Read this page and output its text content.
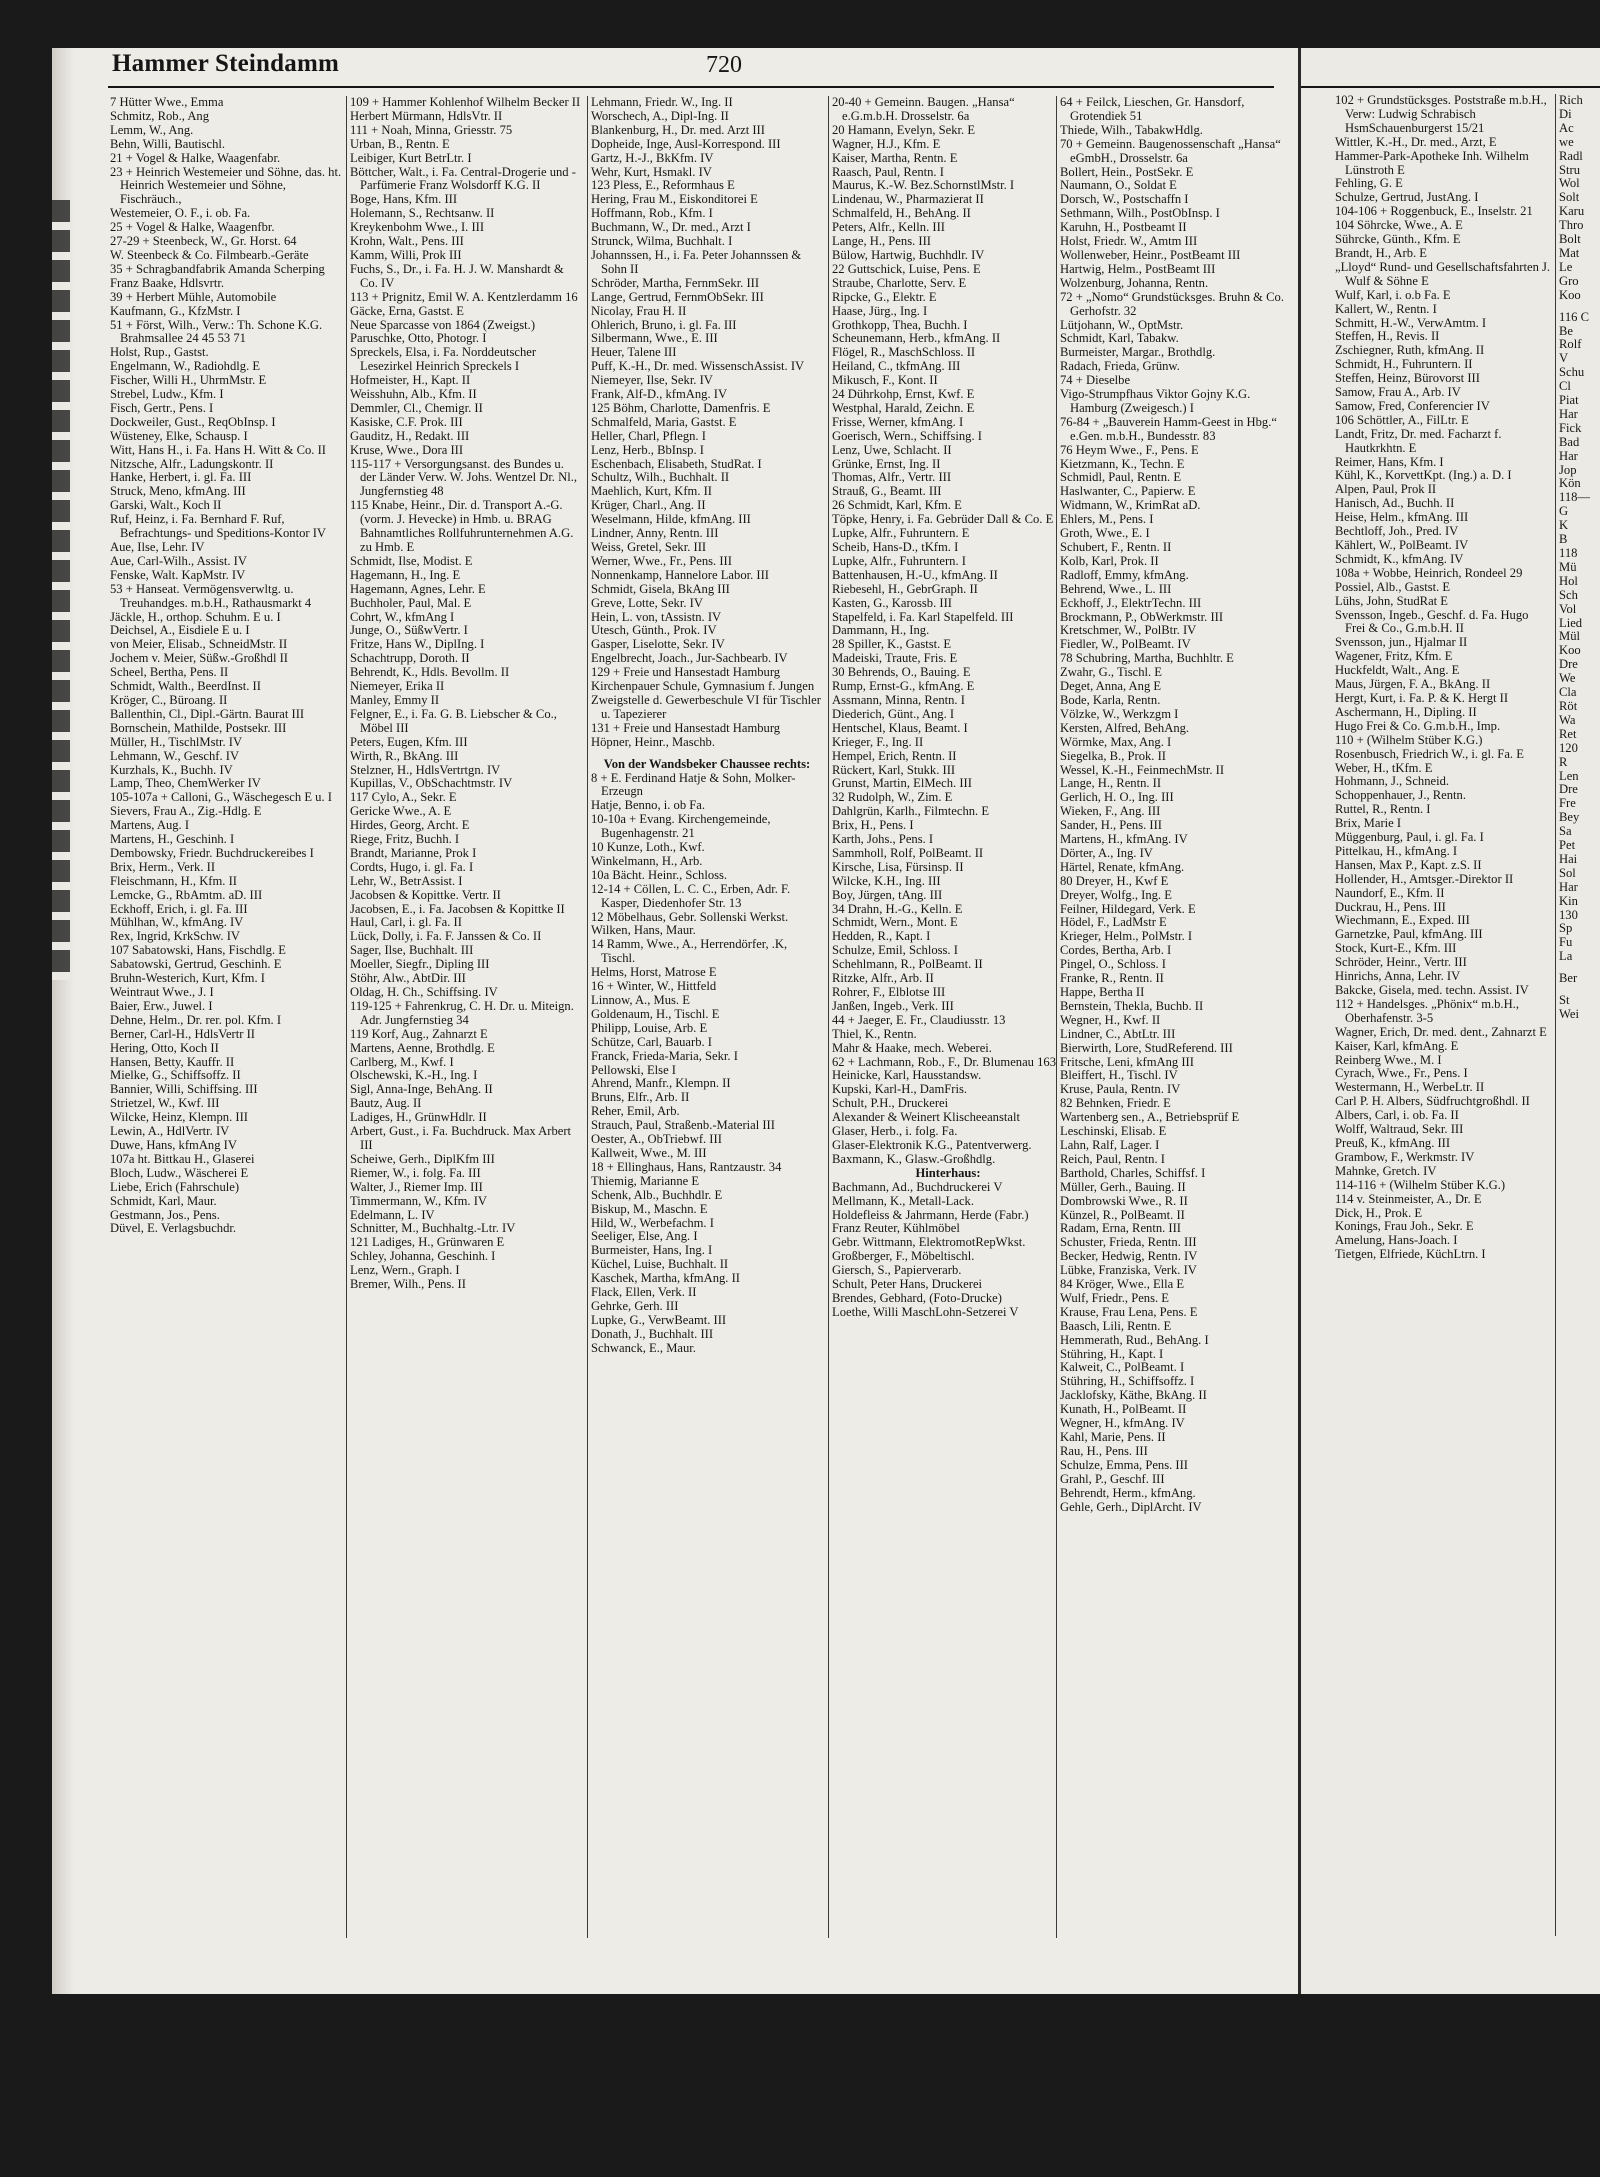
Hammer Steindamm	720

7 Hütter Wwe., Emma

Schmitz, Rob., Ang

Lemm, W., Ang.

Behn, Willi, Bautischl.

21 + Vogel & Halke, Waagenfabr.

23 + Heinrich Westemeier und Söhne, das. ht. Heinrich Westemeier und Söhne, Fischräuch.,

Westemeier, O. F., i. ob. Fa.

25 + Vogel & Halke, Waagenfbr.

27-29 + Steenbeck, W., Gr. Horst. 64

W. Steenbeck & Co. Filmbearb.-Geräte

35 + Schragbandfabrik Amanda Scherping

Franz Baake, Hdlsvrtr.

39 + Herbert Mühle, Automobile

Kaufmann, G., KfzMstr. I

51 + Först, Wilh., Verw.: Th. Schone K.G. Brahmsallee 24 45 53 71

Holst, Rup., Gastst.

Engelmann, W., Radiohdlg. E

Fischer, Willi H., UhrmMstr. E

Strebel, Ludw., Kfm. I

Fisch, Gertr., Pens. I

Dockweiler, Gust., ReqObInsp. I

Wüsteney, Elke, Schausp. I

Witt, Hans H., i. Fa. Hans H. Witt & Co. II

Nitzsche, Alfr., Ladungskontr. II

Hanke, Herbert, i. gl. Fa. III

Struck, Meno, kfmAng. III

Garski, Walt., Koch II

Ruf, Heinz, i. Fa. Bernhard F. Ruf, Befrachtungs- und Speditions-Kontor IV

Aue, Ilse, Lehr. IV

Aue, Carl-Wilh., Assist. IV

Fenske, Walt. KapMstr. IV

53 + Hanseat. Vermögensverwltg. u. Treuhandges. m.b.H., Rathausmarkt 4

Jäckle, H., orthop. Schuhm. E u. I

Deichsel, A., Eisdiele E u. I

von Meier, Elisab., SchneidMstr. II

Jochem v. Meier, Süßw.-Großhdl II

Scheel, Bertha, Pens. II

Schmidt, Walth., BeerdInst. II

Kröger, C., Büroang. II

Ballenthin, Cl., Dipl.-Gärtn. Baurat III

Bornschein, Mathilde, Postsekr. III

Müller, H., TischlMstr. IV

Lehmann, W., Geschf. IV

Kurzhals, K., Buchh. IV

Lamp, Theo, ChemWerker IV

105-107a + Calloni, G., Wäschegesch E u. I

Sievers, Frau A., Zig.-Hdlg. E

Martens, Aug. I

Martens, H., Geschinh. I

Dembowsky, Friedr. Buchdruckereibes I

Brix, Herm., Verk. II

Fleischmann, H., Kfm. II

Lemcke, G., RbAmtm. aD. III

Eckhoff, Erich, i. gl. Fa. III

Mühlhan, W., kfmAng. IV

Rex, Ingrid, KrkSchw. IV

107 Sabatowski, Hans, Fischdlg. E

Sabatowski, Gertrud, Geschinh. E

Bruhn-Westerich, Kurt, Kfm. I

Weintraut Wwe., J. I

Baier, Erw., Juwel. I

Dehne, Helm., Dr. rer. pol. Kfm. I

Berner, Carl-H., HdlsVertr II

Hering, Otto, Koch II

Hansen, Betty, Kauffr. II

Mielke, G., Schiffsoffz. II

Bannier, Willi, Schiffsing. III

Strietzel, W., Kwf. III

Wilcke, Heinz, Klempn. III

Lewin, A., HdlVertr. IV

Duwe, Hans, kfmAng IV

107a ht. Bittkau H., Glaserei

Bloch, Ludw., Wäscherei E

Liebe, Erich (Fahrschule)

Schmidt, Karl, Maur.

Gestmann, Jos., Pens.

Düvel, E. Verlagsbuchdr.

109 + Hammer Kohlenhof Wilhelm Becker II

Herbert Mürmann, HdlsVtr. II

111 + Noah, Minna, Griesstr. 75

Urban, B., Rentn. E

Leibiger, Kurt BetrLtr. I

Böttcher, Walt., i. Fa. Central-Drogerie und -Parfümerie Franz Wolsdorff K.G. II

Boge, Hans, Kfm. III

Holemann, S., Rechtsanw. II

Kreykenbohm Wwe., I. III

Krohn, Walt., Pens. III

Kamm, Willi, Prok III

Fuchs, S., Dr., i. Fa. H. J. W. Manshardt & Co. IV

113 + Prignitz, Emil W. A. Kentzlerdamm 16

Gäcke, Erna, Gastst. E

Neue Sparcasse von 1864 (Zweigst.)

Paruschke, Otto, Photogr. I

Spreckels, Elsa, i. Fa. Norddeutscher Lesezirkel Heinrich Spreckels I

Hofmeister, H., Kapt. II

Weisshuhn, Alb., Kfm. II

Demmler, Cl., Chemigr. II

Kasiske, C.F. Prok. III

Gauditz, H., Redakt. III

Kruse, Wwe., Dora III

115-117 + Versorgungsanst. des Bundes u. der Länder Verw. W. Johs. Wentzel Dr. Nl., Jungfernstieg 48

115 Knabe, Heinr., Dir. d. Transport A.-G. (vorm. J. Hevecke) in Hmb. u. BRAG Bahnamtliches Rollfuhrunternehmen A.G. zu Hmb. E

Schmidt, Ilse, Modist. E

Hagemann, H., Ing. E

Hagemann, Agnes, Lehr. E

Buchholer, Paul, Mal. E

Cohrt, W., kfmAng I

Junge, O., SüßwVertr. I

Fritze, Hans W., DiplIng. I

Schachtrupp, Doroth. II

Behrendt, K., Hdls. Bevollm. II

Niemeyer, Erika II

Manley, Emmy II

Felgner, E., i. Fa. G. B. Liebscher & Co., Möbel III

Peters, Eugen, Kfm. III

Wirth, R., BkAng. III

Stelzner, H., HdlsVertrtgn. IV

Kupillas, V., ObSchachtmstr. IV

117 Cylo, A., Sekr. E

Gericke Wwe., A. E

Hirdes, Georg, Archt. E

Riege, Fritz, Buchh. I

Brandt, Marianne, Prok I

Cordts, Hugo, i. gl. Fa. I

Lehr, W., BetrAssist. I

Jacobsen & Kopittke. Vertr. II

Jacobsen, E., i. Fa. Jacobsen & Kopittke II

Haul, Carl, i. gl. Fa. II

Lück, Dolly, i. Fa. F. Janssen & Co. II

Sager, Ilse, Buchhalt. III

Moeller, Siegfr., Dipling III

Stöhr, Alw., AbtDir. III

Oldag, H. Ch., Schiffsing. IV

119-125 + Fahrenkrug, C. H. Dr. u. Miteign. Adr. Jungfernstieg 34

119 Korf, Aug., Zahnarzt E

Martens, Aenne, Brothdlg. E

Carlberg, M., Kwf. I

Olschewski, K.-H., Ing. I

Sigl, Anna-Inge, BehAng. II

Bautz, Aug. II

Ladiges, H., GrünwHdlr. II

Arbert, Gust., i. Fa. Buchdruck. Max Arbert III

Scheiwe, Gerh., DiplKfm III

Riemer, W., i. folg. Fa. III

Walter, J., Riemer Imp. III

Timmermann, W., Kfm. IV

Edelmann, L. IV

Schnitter, M., Buchhaltg.-Ltr. IV

121 Ladiges, H., Grünwaren E

Schley, Johanna, Geschinh. I

Lenz, Wern., Graph. I

Bremer, Wilh., Pens. II

Lehmann, Friedr. W., Ing. II

Worschech, A., Dipl-Ing. II

Blankenburg, H., Dr. med. Arzt III

Dopheide, Inge, Ausl-Korrespond. III

Gartz, H.-J., BkKfm. IV

Wehr, Kurt, Hsmakl. IV

123 Pless, E., Reformhaus E

Hering, Frau M., Eiskonditorei E

Hoffmann, Rob., Kfm. I

Buchmann, W., Dr. med., Arzt I

Strunck, Wilma, Buchhalt. I

Johannssen, H., i. Fa. Peter Johannssen & Sohn II

Schröder, Martha, FernmSekr. III

Lange, Gertrud, FernmObSekr. III

Nicolay, Frau H. II

Ohlerich, Bruno, i. gl. Fa. III

Silbermann, Wwe., E. III

Heuer, Talene III

Puff, K.-H., Dr. med. WissenschAssist. IV

Niemeyer, Ilse, Sekr. IV

Frank, Alf-D., kfmAng. IV

125 Böhm, Charlotte, Damenfris. E

Schmalfeld, Maria, Gastst. E

Heller, Charl, Pflegn. I

Lenz, Herb., BbInsp. I

Eschenbach, Elisabeth, StudRat. I

Schultz, Wilh., Buchhalt. II

Maehlich, Kurt, Kfm. II

Krüger, Charl., Ang. II

Weselmann, Hilde, kfmAng. III

Lindner, Anny, Rentn. III

Weiss, Gretel, Sekr. III

Werner, Wwe., Fr., Pens. III

Nonnenkamp, Hannelore Labor. III

Schmidt, Gisela, BkAng III

Greve, Lotte, Sekr. IV

Hein, L. von, tAssistn. IV

Utesch, Günth., Prok. IV

Gasper, Liselotte, Sekr. IV

Engelbrecht, Joach., Jur-Sachbearb. IV

129 + Freie und Hansestadt Hamburg

Kirchenpauer Schule, Gymnasium f. Jungen

Zweigstelle d. Gewerbeschule VI für Tischler u. Tapezierer

131 + Freie und Hansestadt Hamburg

Höpner, Heinr., Maschb.

Von der Wandsbeker Chaussee rechts:

8 + E. Ferdinand Hatje & Sohn, Molker-Erzeugn

Hatje, Benno, i. ob Fa.

10-10a + Evang. Kirchengemeinde, Bugenhagenstr. 21

10 Kunze, Loth., Kwf.

Winkelmann, H., Arb.

10a Bächt. Heinr., Schloss.

12-14 + Cöllen, L. C. C., Erben, Adr. F. Kasper, Diedenhofer Str. 13

12 Möbelhaus, Gebr. Sollenski Werkst.

Wilken, Hans, Maur.

14 Ramm, Wwe., A., Herrendörfer, .K, Tischl.

Helms, Horst, Matrose E

16 + Winter, W., Hittfeld

Linnow, A., Mus. E

Goldenaum, H., Tischl. E

Philipp, Louise, Arb. E

Schütze, Carl, Bauarb. I

Franck, Frieda-Maria, Sekr. I

Pellowski, Else I

Ahrend, Manfr., Klempn. II

Bruns, Elfr., Arb. II

Reher, Emil, Arb.

Strauch, Paul, Straßenb.-Material III

Oester, A., ObTriebwf. III

Kallweit, Wwe., M. III

18 + Ellinghaus, Hans, Rantzaustr. 34

Thiemig, Marianne E

Schenk, Alb., Buchhdlr. E

Biskup, M., Maschn. E

Hild, W., Werbefachm. I

Seeliger, Else, Ang. I

Burmeister, Hans, Ing. I

Küchel, Luise, Buchhalt. II

Kaschek, Martha, kfmAng. II

Flack, Ellen, Verk. II

Gehrke, Gerh. III

Lupke, G., VerwBeamt. III

Donath, J., Buchhalt. III

Schwanck, E., Maur.

20-40 + Gemeinn. Baugen. „Hansa“ e.G.m.b.H. Drosselstr. 6a

20 Hamann, Evelyn, Sekr. E

Wagner, H.J., Kfm. E

Kaiser, Martha, Rentn. E

Raasch, Paul, Rentn. I

Maurus, K.-W. Bez.SchornstlMstr. I

Lindenau, W., Pharmazierat II

Schmalfeld, H., BehAng. II

Peters, Alfr., Kelln. III

Lange, H., Pens. III

Bülow, Hartwig, Buchhdlr. IV

22 Guttschick, Luise, Pens. E

Straube, Charlotte, Serv. E

Ripcke, G., Elektr. E

Haase, Jürg., Ing. I

Grothkopp, Thea, Buchh. I

Scheunemann, Herb., kfmAng. II

Flögel, R., MaschSchloss. II

Heiland, C., tkfmAng. III

Mikusch, F., Kont. II

24 Dührkohp, Ernst, Kwf. E

Westphal, Harald, Zeichn. E

Frisse, Werner, kfmAng. I

Goerisch, Wern., Schiffsing. I

Lenz, Uwe, Schlacht. II

Grünke, Ernst, Ing. II

Thomas, Alfr., Vertr. III

Strauß, G., Beamt. III

26 Schmidt, Karl, Kfm. E

Töpke, Henry, i. Fa. Gebrüder Dall & Co. E

Lupke, Alfr., Fuhruntern. E

Scheib, Hans-D., tKfm. I

Lupke, Alfr., Fuhruntern. I

Battenhausen, H.-U., kfmAng. II

Riebesehl, H., GebrGraph. II

Kasten, G., Karossb. III

Stapelfeld, i. Fa. Karl Stapelfeld. III

Dammann, H., Ing.

28 Spiller, K., Gastst. E

Madeiski, Traute, Fris. E

30 Behrends, O., Bauing. E

Rump, Ernst-G., kfmAng. E

Assmann, Minna, Rentn. I

Diederich, Günt., Ang. I

Hentschel, Klaus, Beamt. I

Krieger, F., Ing. II

Hempel, Erich, Rentn. II

Rückert, Karl, Stukk. III

Grunst, Martin, ElMech. III

32 Rudolph, W., Zim. E

Dahlgrün, Karlh., Filmtechn. E

Brix, H., Pens. I

Karth, Johs., Pens. I

Sammholl, Rolf, PolBeamt. II

Kirsche, Lisa, Fürsinsp. II

Wilcke, K.H., Ing. III

Boy, Jürgen, tAng. III

34 Drahn, H.-G., Kelln. E

Schmidt, Wern., Mont. E

Hedden, R., Kapt. I

Schulze, Emil, Schloss. I

Schehlmann, R., PolBeamt. II

Ritzke, Alfr., Arb. II

Rohrer, F., Elblotse III

Janßen, Ingeb., Verk. III

44 + Jaeger, E. Fr., Claudiusstr. 13

Thiel, K., Rentn.

Mahr & Haake, mech. Weberei.

62 + Lachmann, Rob., F., Dr. Blumenau 163

Heinicke, Karl, Hausstandsw.

Kupski, Karl-H., DamFris.

Schult, P.H., Druckerei

Alexander & Weinert Klischeeanstalt

Glaser, Herb., i. folg. Fa.

Glaser-Elektronik K.G., Patentverwerg.

Baxmann, K., Glasw.-Großhdlg.

Hinterhaus:

Bachmann, Ad., Buchdruckerei V

Mellmann, K., Metall-Lack.

Holdefleiss & Jahrmann, Herde (Fabr.)

Franz Reuter, Kühlmöbel

Gebr. Wittmann, ElektromotRepWkst.

Großberger, F., Möbeltischl.

Giersch, S., Papierverarb.

Schult, Peter Hans, Druckerei

Brendes, Gebhard, (Foto-Drucke)

Loethe, Willi MaschLohn-Setzerei V

64 + Feilck, Lieschen, Gr. Hansdorf, Grotendiek 51

Thiede, Wilh., TabakwHdlg.

70 + Gemeinn. Baugenossenschaft „Hansa“ eGmbH., Drosselstr. 6a

Bollert, Hein., PostSekr. E

Naumann, O., Soldat E

Dorsch, W., Postschaffn I

Sethmann, Wilh., PostObInsp. I

Karuhn, H., Postbeamt II

Holst, Friedr. W., Amtm III

Wollenweber, Heinr., PostBeamt III

Hartwig, Helm., PostBeamt III

Wolzenburg, Johanna, Rentn.

72 + „Nomo“ Grundstücksges. Bruhn & Co. Gerhofstr. 32

Lütjohann, W., OptMstr.

Schmidt, Karl, Tabakw.

Burmeister, Margar., Brothdlg.

Radach, Frieda, Grünw.

74 + Dieselbe

Vigo-Strumpfhaus Viktor Gojny K.G. Hamburg (Zweigesch.) I

76-84 + „Bauverein Hamm-Geest in Hbg.“ e.Gen. m.b.H., Bundesstr. 83

76 Heym Wwe., F., Pens. E

Kietzmann, K., Techn. E

Schmidl, Paul, Rentn. E

Haslwanter, C., Papierw. E

Widmann, W., KrimRat aD.

Ehlers, M., Pens. I

Groth, Wwe., E. I

Schubert, F., Rentn. II

Kolb, Karl, Prok. II

Radloff, Emmy, kfmAng.

Behrend, Wwe., L. III

Eckhoff, J., ElektrTechn. III

Brockmann, P., ObWerkmstr. III

Kretschmer, W., PolBtr. IV

Fiedler, W., PolBeamt. IV

78 Schubring, Martha, Buchhltr. E

Zwahr, G., Tischl. E

Deget, Anna, Ang E

Bode, Karla, Rentn.

Völzke, W., Werkzgm I

Kersten, Alfred, BehAng.

Wörmke, Max, Ang. I

Siegelka, B., Prok. II

Wessel, K.-H., FeinmechMstr. II

Lange, H., Rentn. II

Gerlich, H. O., Ing. III

Wieken, F., Ang. III

Sander, H., Pens. III

Martens, H., kfmAng. IV

Dörter, A., Ing. IV

Härtel, Renate, kfmAng.

80 Dreyer, H., Kwf E

Dreyer, Wolfg., Ing. E

Feilner, Hildegard, Verk. E

Hödel, F., LadMstr E

Krieger, Helm., PolMstr. I

Cordes, Bertha, Arb. I

Pingel, O., Schloss. I

Franke, R., Rentn. II

Happe, Bertha II

Bernstein, Thekla, Buchb. II

Wegner, H., Kwf. II

Lindner, C., AbtLtr. III

Bierwirth, Lore, StudReferend. III

Fritsche, Leni, kfmAng III

Bleiffert, H., Tischl. IV

Kruse, Paula, Rentn. IV

82 Behnken, Friedr. E

Wartenberg sen., A., Betriebsprüf E

Leschinski, Elisab. E

Lahn, Ralf, Lager. I

Reich, Paul, Rentn. I

Barthold, Charles, Schiffsf. I

Müller, Gerh., Bauing. II

Dombrowski Wwe., R. II

Künzel, R., PolBeamt. II

Radam, Erna, Rentn. III

Schuster, Frieda, Rentn. III

Becker, Hedwig, Rentn. IV

Lübke, Franziska, Verk. IV

84 Kröger, Wwe., Ella E

Wulf, Friedr., Pens. E

Krause, Frau Lena, Pens. E

Baasch, Lili, Rentn. E

Hemmerath, Rud., BehAng. I

Stühring, H., Kapt. I

Kalweit, C., PolBeamt. I

Stühring, H., Schiffsoffz. I

Jacklofsky, Käthe, BkAng. II

Kunath, H., PolBeamt. II

Wegner, H., kfmAng. IV

Kahl, Marie, Pens. II

Rau, H., Pens. III

Schulze, Emma, Pens. III

Grahl, P., Geschf. III

Behrendt, Herm., kfmAng.

Gehle, Gerh., DiplArcht. IV

102 + Grundstücksges. Poststraße m.b.H., Verw: Ludwig Schrabisch HsmSchauenburgerst 15/21

Wittler, K.-H., Dr. med., Arzt, E

Hammer-Park-Apotheke Inh. Wilhelm Lünstroth E

Fehling, G. E

Schulze, Gertrud, JustAng. I

104-106 + Roggenbuck, E., Inselstr. 21

104 Söhrcke, Wwe., A. E

Sührcke, Günth., Kfm. E

Brandt, H., Arb. E

„Lloyd“ Rund- und Gesellschaftsfahrten J. Wulf & Söhne E

Wulf, Karl, i. o.b Fa. E

Kallert, W., Rentn. I

Schmitt, H.-W., VerwAmtm. I

Steffen, H., Revis. II

Zschiegner, Ruth, kfmAng. II

Schmidt, H., Fuhruntern. II

Steffen, Heinz, Bürovorst III

Samow, Frau A., Arb. IV

Samow, Fred, Conferencier IV

106 Schöttler, A., FilLtr. E

Landt, Fritz, Dr. med. Facharzt f. Hautkrkhtn. E

Reimer, Hans, Kfm. I

Kühl, K., KorvettKpt. (Ing.) a. D. I

Alpen, Paul, Prok II

Hanisch, Ad., Buchh. II

Heise, Helm., kfmAng. III

Bechtloff, Joh., Pred. IV

Kählert, W., PolBeamt. IV

Schmidt, K., kfmAng. IV

108a + Wobbe, Heinrich, Rondeel 29

Possiel, Alb., Gastst. E

Lühs, John, StudRat E

Svensson, Ingeb., Geschf. d. Fa. Hugo Frei & Co., G.m.b.H. II

Svensson, jun., Hjalmar II

Wagener, Fritz, Kfm. E

Huckfeldt, Walt., Ang. E

Maus, Jürgen, F. A., BkAng. II

Hergt, Kurt, i. Fa. P. & K. Hergt II

Aschermann, H., Dipling. II

Hugo Frei & Co. G.m.b.H., Imp.

110 + (Wilhelm Stüber K.G.)

Rosenbusch, Friedrich W., i. gl. Fa. E

Weber, H., tKfm. E

Hohmann, J., Schneid.

Schoppenhauer, J., Rentn.

Ruttel, R., Rentn. I

Brix, Marie I

Müggenburg, Paul, i. gl. Fa. I

Pittelkau, H., kfmAng. I

Hansen, Max P., Kapt. z.S. II

Hollender, H., Amtsger.-Direktor II

Naundorf, E., Kfm. II

Duckrau, H., Pens. III

Wiechmann, E., Exped. III

Garnetzke, Paul, kfmAng. III

Stock, Kurt-E., Kfm. III

Schröder, Heinr., Vertr. III

Hinrichs, Anna, Lehr. IV

Bakcke, Gisela, med. techn. Assist. IV

112 + Handelsges. „Phönix“ m.b.H., Oberhafenstr. 3-5

Wagner, Erich, Dr. med. dent., Zahnarzt E

Kaiser, Karl, kfmAng. E

Reinberg Wwe., M. I

Cyrach, Wwe., Fr., Pens. I

Westermann, H., WerbeLtr. II

Carl P. H. Albers, Südfruchtgroßhdl. II

Albers, Carl, i. ob. Fa. II

Wolff, Waltraud, Sekr. III

Preuß, K., kfmAng. III

Grambow, F., Werkmstr. IV

Mahnke, Gretch. IV

114-116 + (Wilhelm Stüber K.G.)

114 v. Steinmeister, A., Dr. E

Dick, H., Prok. E

Konings, Frau Joh., Sekr. E

Amelung, Hans-Joach. I

Tietgen, Elfriede, KüchLtrn. I

Rich

Di

Ac

we

Radl

Stru

Wol

Solt

Karu

Thro

Bolt

Mat

Le

Gro

Koo

116 C

Be

Rolf

V

Schu

Cl

Piat

Har

Fick

Bad

Har

Jop

Kön

118—

G

K

B

118

Mü

Hol

Sch

Vol

Lied

Mül

Koo

Dre

We

Cla

Röt

Wa

Ret

120

R

Len

Dre

Fre

Bey

Sa

Pet

Hai

Sol

Har

Kin

130

Sp

Fu

La

Ber

St

Wei
